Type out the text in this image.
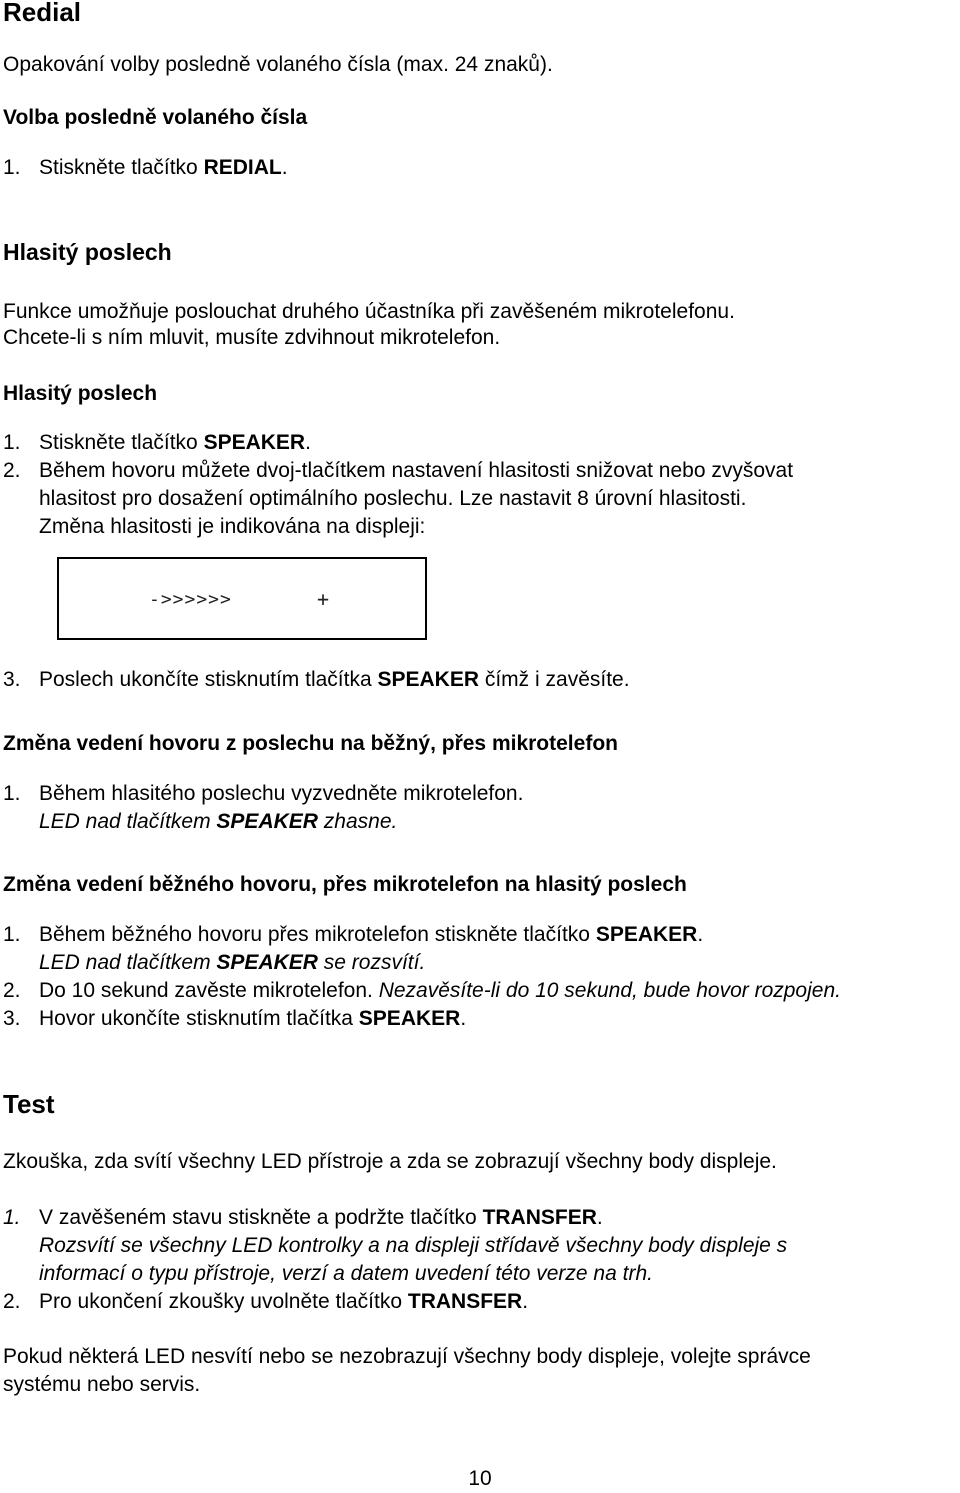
Redial
Opakování volby posledně volaného čísla (max. 24 znaků).
Volba posledně volaného čísla
1. Stiskněte tlačítko REDIAL.
Hlasitý poslech
Funkce umožňuje poslouchat druhého účastníka při zavěšeném mikrotelefonu.
Chcete-li s ním mluvit, musíte zdvihnout mikrotelefon.
Hlasitý poslech
1. Stiskněte tlačítko SPEAKER.
2. Během hovoru můžete dvoj-tlačítkem nastavení hlasitosti snižovat nebo zvyšovat
hlasitost pro dosažení optimálního poslechu. Lze nastavit 8 úrovní hlasitosti.
Změna hlasitosti je indikována na displeji:
->>>>>>	+
3. Poslech ukončíte stisknutím tlačítka SPEAKER čímž i zavěsíte.
Změna vedení hovoru z poslechu na běžný, přes mikrotelefon
1. Během hlasitého poslechu vyzvedněte mikrotelefon.
LED nad tlačítkem SPEAKER zhasne.
Změna vedení běžného hovoru, přes mikrotelefon na hlasitý poslech
1. Během běžného hovoru přes mikrotelefon stiskněte tlačítko SPEAKER.
LED nad tlačítkem SPEAKER se rozsvítí.
2. Do 10 sekund zavěste mikrotelefon. Nezavěsíte-li do 10 sekund, bude hovor rozpojen.
3. Hovor ukončíte stisknutím tlačítka SPEAKER.
Test
Zkouška, zda svítí všechny LED přístroje a zda se zobrazují všechny body displeje.
1. V zavěšeném stavu stiskněte a podržte tlačítko TRANSFER.
Rozsvítí se všechny LED kontrolky a na displeji střídavě všechny body displeje s
informací o typu přístroje, verzí a datem uvedení této verze na trh.
2. Pro ukončení zkoušky uvolněte tlačítko TRANSFER.
Pokud některá LED nesvítí nebo se nezobrazují všechny body displeje, volejte správce
systému nebo servis.
10
